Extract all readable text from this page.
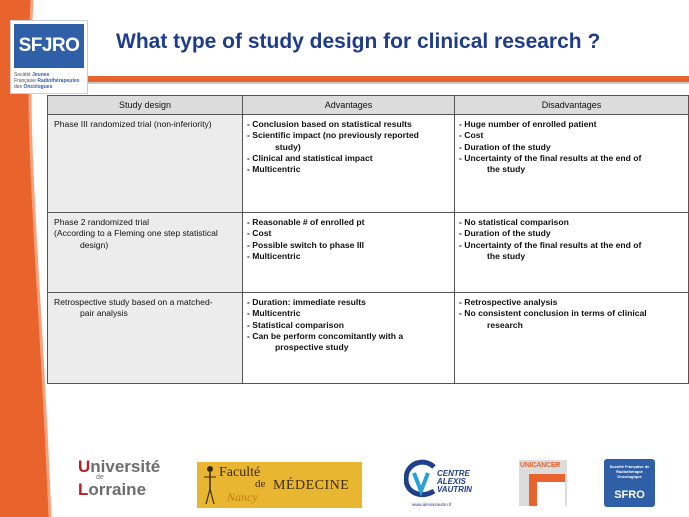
SFJRO
Société Jeunes
Française Radiothérapeutes
des Oncologues
What type of study design for clinical research ?
Study design	Advantages	Disadvantages

Phase III randomized trial (non-inferiority)	- Conclusion based on statistical results
- Scientific impact (no previously reported
study)
- Clinical and statistical impact
- Multicentric	- Huge number of enrolled patient
- Cost
- Duration of the study
- Uncertainty of the final results at the end of
the study

Phase 2 randomized trial
(According to a Fleming one step statistical
design)	- Reasonable # of enrolled pt
- Cost
- Possible switch to phase III
- Multicentric	- No statistical comparison
- Duration of the study
- Uncertainty of the final results at the end of
the study

Retrospective study based on a matched-
pair analysis	- Duration: immediate results
- Multicentric
- Statistical comparison
- Can be perform concomitantly with a
prospective study	- Retrospective analysis
- No consistent conclusion in terms of clinical
research
Université
de
Lorraine
Faculté
de MÉDECINE
Nancy
CENTRE
ALEXIS
VAUTRIN
www.alexisvautrin.fr
UNICANCER	Société Française de Radiothérapie Oncologique
SFRO
